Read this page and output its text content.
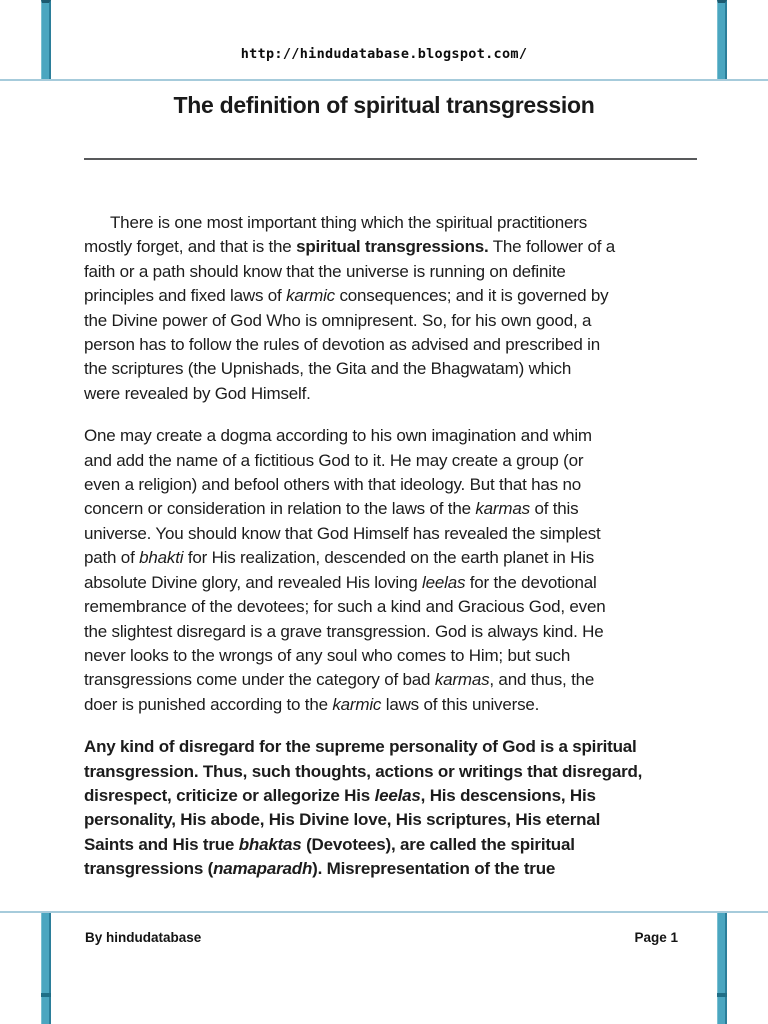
http://hindudatabase.blogspot.com/
The definition of spiritual transgression
There is one most important thing which the spiritual practitioners
mostly forget, and that is the spiritual transgressions. The follower of a
faith or a path should know that the universe is running on definite
principles and fixed laws of karmic consequences; and it is governed by
the Divine power of God Who is omnipresent. So, for his own good, a
person has to follow the rules of devotion as advised and prescribed in
the scriptures (the Upnishads, the Gita and the Bhagwatam) which
were revealed by God Himself.
One may create a dogma according to his own imagination and whim
and add the name of a fictitious God to it. He may create a group (or
even a religion) and befool others with that ideology. But that has no
concern or consideration in relation to the laws of the karmas of this
universe. You should know that God Himself has revealed the simplest
path of bhakti for His realization, descended on the earth planet in His
absolute Divine glory, and revealed His loving leelas for the devotional
remembrance of the devotees; for such a kind and Gracious God, even
the slightest disregard is a grave transgression. God is always kind. He
never looks to the wrongs of any soul who comes to Him; but such
transgressions come under the category of bad karmas, and thus, the
doer is punished according to the karmic laws of this universe.
Any kind of disregard for the supreme personality of God is a spiritual
transgression. Thus, such thoughts, actions or writings that disregard,
disrespect, criticize or allegorize His leelas, His descensions, His
personality, His abode, His Divine love, His scriptures, His eternal
Saints and His true bhaktas (Devotees), are called the spiritual
transgressions (namaparadh). Misrepresentation of the true
By hindudatabase	Page 1
